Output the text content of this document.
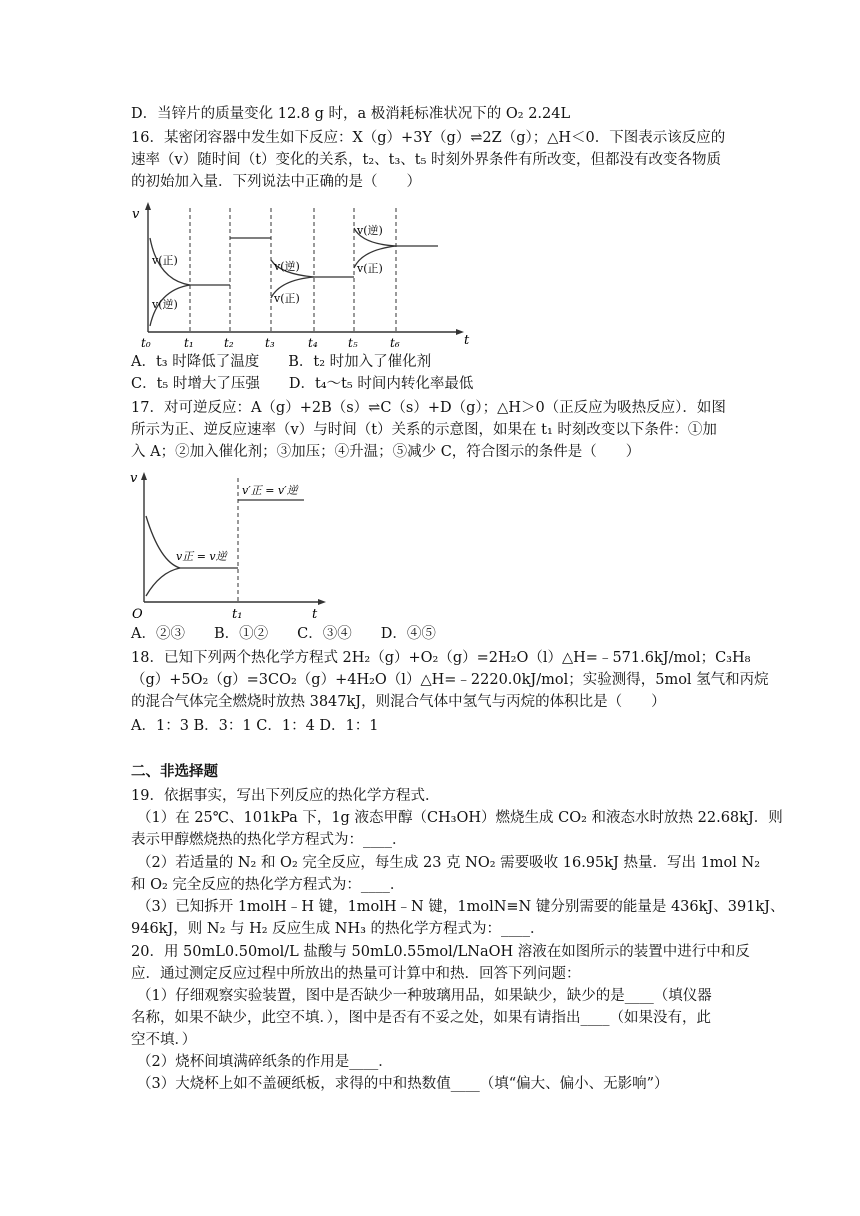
D．当锌片的质量变化 12.8 g 时，a 极消耗标准状况下的 O₂ 2.24L
16．某密闭容器中发生如下反应：X（g）+3Y（g）⇌2Z（g）；△H＜0．下图表示该反应的
速率（v）随时间（t）变化的关系，t₂、t₃、t₅ 时刻外界条件有所改变，但都没有改变各物质
的初始加入量．下列说法中正确的是（　　）
v
t
v(正)
v(逆)
v(逆)
v(正)
v(逆)
v(正)
t₀	t₁	t₂	t₃	t₄	t₅	t₆
A．t₃ 时降低了温度　　B．t₂ 时加入了催化剂
C．t₅ 时增大了压强　　D．t₄～t₅ 时间内转化率最低
17．对可逆反应：A（g）+2B（s）⇌C（s）+D（g）；△H＞0（正反应为吸热反应）．如图
所示为正、逆反应速率（v）与时间（t）关系的示意图，如果在 t₁ 时刻改变以下条件：①加
入 A；②加入催化剂；③加压；④升温；⑤减少 C，符合图示的条件是（　　）
v
t
O
v正 = v逆
v′正 = v′逆
t₁
A．②③　　B．①②　　C．③④　　D．④⑤
18．已知下列两个热化学方程式 2H₂（g）+O₂（g）=2H₂O（l）△H=﹣571.6kJ/mol；C₃H₈
（g）+5O₂（g）=3CO₂（g）+4H₂O（l）△H=﹣2220.0kJ/mol；实验测得，5mol 氢气和丙烷
的混合气体完全燃烧时放热 3847kJ，则混合气体中氢气与丙烷的体积比是（　　）
A．1：3 B．3：1 C．1：4 D．1：1
二、非选择题
19．依据事实，写出下列反应的热化学方程式．
（1）在 25℃、101kPa 下，1g 液态甲醇（CH₃OH）燃烧生成 CO₂ 和液态水时放热 22.68kJ．则
表示甲醇燃烧热的热化学方程式为：____．
（2）若适量的 N₂ 和 O₂ 完全反应，每生成 23 克 NO₂ 需要吸收 16.95kJ 热量．写出 1mol N₂
和 O₂ 完全反应的热化学方程式为：____．
（3）已知拆开 1molH﹣H 键，1molH﹣N 键，1molN≡N 键分别需要的能量是 436kJ、391kJ、
946kJ，则 N₂ 与 H₂ 反应生成 NH₃ 的热化学方程式为：____．
20．用 50mL0.50mol/L 盐酸与 50mL0.55mol/LNaOH 溶液在如图所示的装置中进行中和反
应．通过测定反应过程中所放出的热量可计算中和热．回答下列问题：
（1）仔细观察实验装置，图中是否缺少一种玻璃用品，如果缺少，缺少的是____（填仪器
名称，如果不缺少，此空不填．），图中是否有不妥之处，如果有请指出____（如果没有，此
空不填．）
（2）烧杯间填满碎纸条的作用是____．
（3）大烧杯上如不盖硬纸板，求得的中和热数值____（填“偏大、偏小、无影响”）
